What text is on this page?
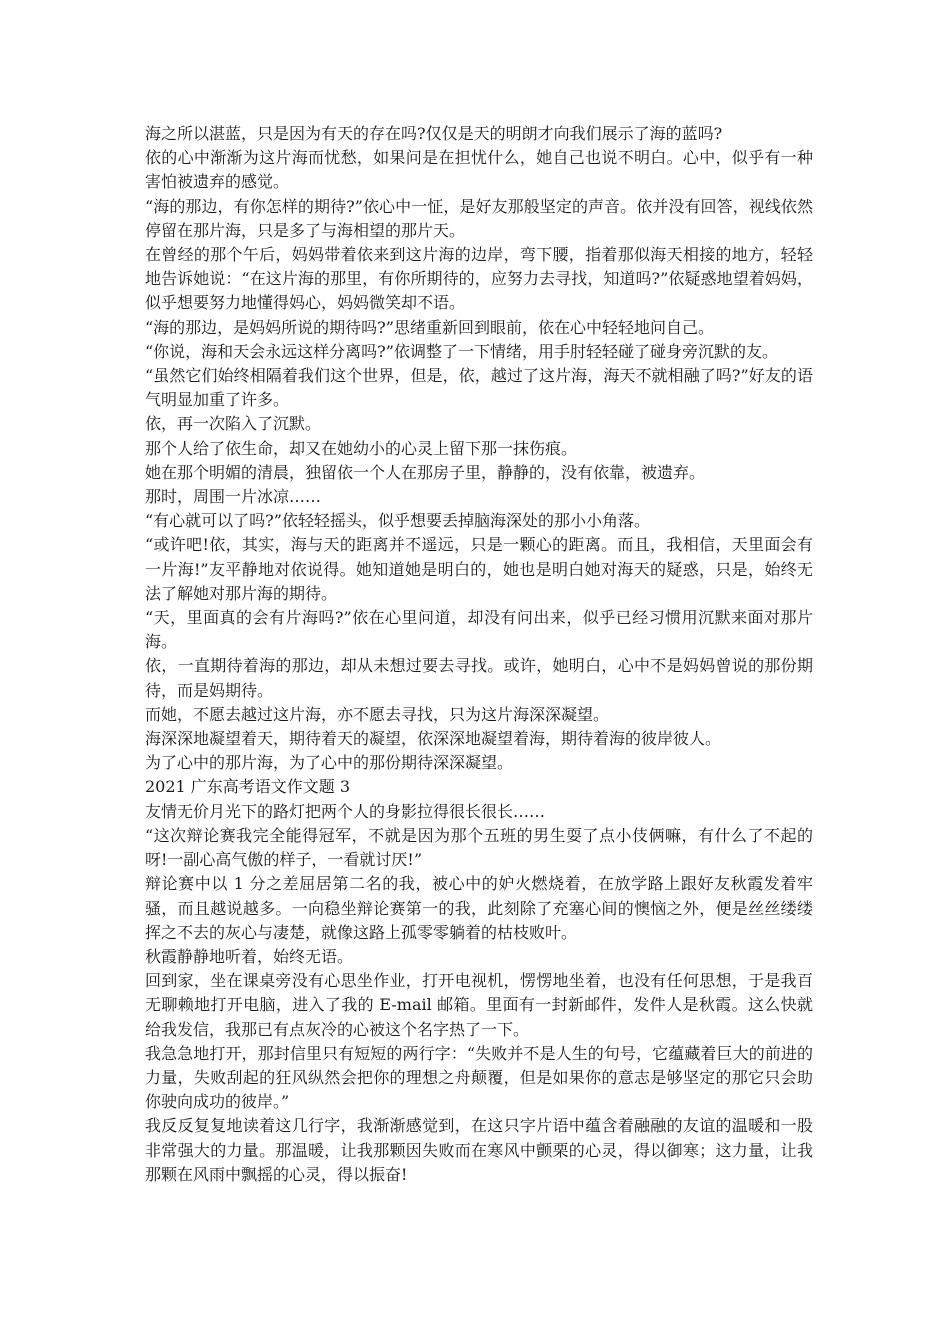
海之所以湛蓝，只是因为有天的存在吗?仅仅是天的明朗才向我们展示了海的蓝吗?

依的心中渐渐为这片海而忧愁，如果问是在担忧什么，她自己也说不明白。心中，似乎有一种害怕被遗弃的感觉。

“海的那边，有你怎样的期待?”依心中一怔，是好友那般坚定的声音。依并没有回答，视线依然停留在那片海，只是多了与海相望的那片天。

在曾经的那个午后，妈妈带着依来到这片海的边岸，弯下腰，指着那似海天相接的地方，轻轻地告诉她说：“在这片海的那里，有你所期待的，应努力去寻找，知道吗?”依疑惑地望着妈妈，似乎想要努力地懂得妈心，妈妈微笑却不语。

“海的那边，是妈妈所说的期待吗?”思绪重新回到眼前，依在心中轻轻地问自己。

“你说，海和天会永远这样分离吗?”依调整了一下情绪，用手肘轻轻碰了碰身旁沉默的友。

“虽然它们始终相隔着我们这个世界，但是，依，越过了这片海，海天不就相融了吗?”好友的语气明显加重了许多。

依，再一次陷入了沉默。

那个人给了依生命，却又在她幼小的心灵上留下那一抹伤痕。

她在那个明媚的清晨，独留依一个人在那房子里，静静的，没有依靠，被遗弃。

那时，周围一片冰凉……

“有心就可以了吗?”依轻轻摇头，似乎想要丢掉脑海深处的那小小角落。

“或许吧!依，其实，海与天的距离并不遥远，只是一颗心的距离。而且，我相信，天里面会有一片海!”友平静地对依说得。她知道她是明白的，她也是明白她对海天的疑惑，只是，始终无法了解她对那片海的期待。

“天，里面真的会有片海吗?”依在心里问道，却没有问出来，似乎已经习惯用沉默来面对那片海。

依，一直期待着海的那边，却从未想过要去寻找。或许，她明白，心中不是妈妈曾说的那份期待，而是妈期待。

而她，不愿去越过这片海，亦不愿去寻找，只为这片海深深凝望。

海深深地凝望着天，期待着天的凝望，依深深地凝望着海，期待着海的彼岸彼人。

为了心中的那片海，为了心中的那份期待深深凝望。

2021 广东高考语文作文题 3

友情无价月光下的路灯把两个人的身影拉得很长很长……

“这次辩论赛我完全能得冠军，不就是因为那个五班的男生耍了点小伎俩嘛，有什么了不起的呀!一副心高气傲的样子，一看就讨厌!”

辩论赛中以 1 分之差屈居第二名的我，被心中的妒火燃烧着，在放学路上跟好友秋霞发着牢骚，而且越说越多。一向稳坐辩论赛第一的我，此刻除了充塞心间的懊恼之外，便是丝丝缕缕挥之不去的灰心与凄楚，就像这路上孤零零躺着的枯枝败叶。

秋霞静静地听着，始终无语。

回到家，坐在课桌旁没有心思坐作业，打开电视机，愣愣地坐着，也没有任何思想，于是我百无聊赖地打开电脑，进入了我的 E-mail 邮箱。里面有一封新邮件，发件人是秋霞。这么快就给我发信，我那已有点灰冷的心被这个名字热了一下。

我急急地打开，那封信里只有短短的两行字：“失败并不是人生的句号，它蕴藏着巨大的前进的力量，失败刮起的狂风纵然会把你的理想之舟颠覆，但是如果你的意志是够坚定的那它只会助你驶向成功的彼岸。”

我反反复复地读着这几行字，我渐渐感觉到，在这只字片语中蕴含着融融的友谊的温暖和一股非常强大的力量。那温暖，让我那颗因失败而在寒风中颤栗的心灵，得以御寒；这力量，让我那颗在风雨中飘摇的心灵，得以振奋!
